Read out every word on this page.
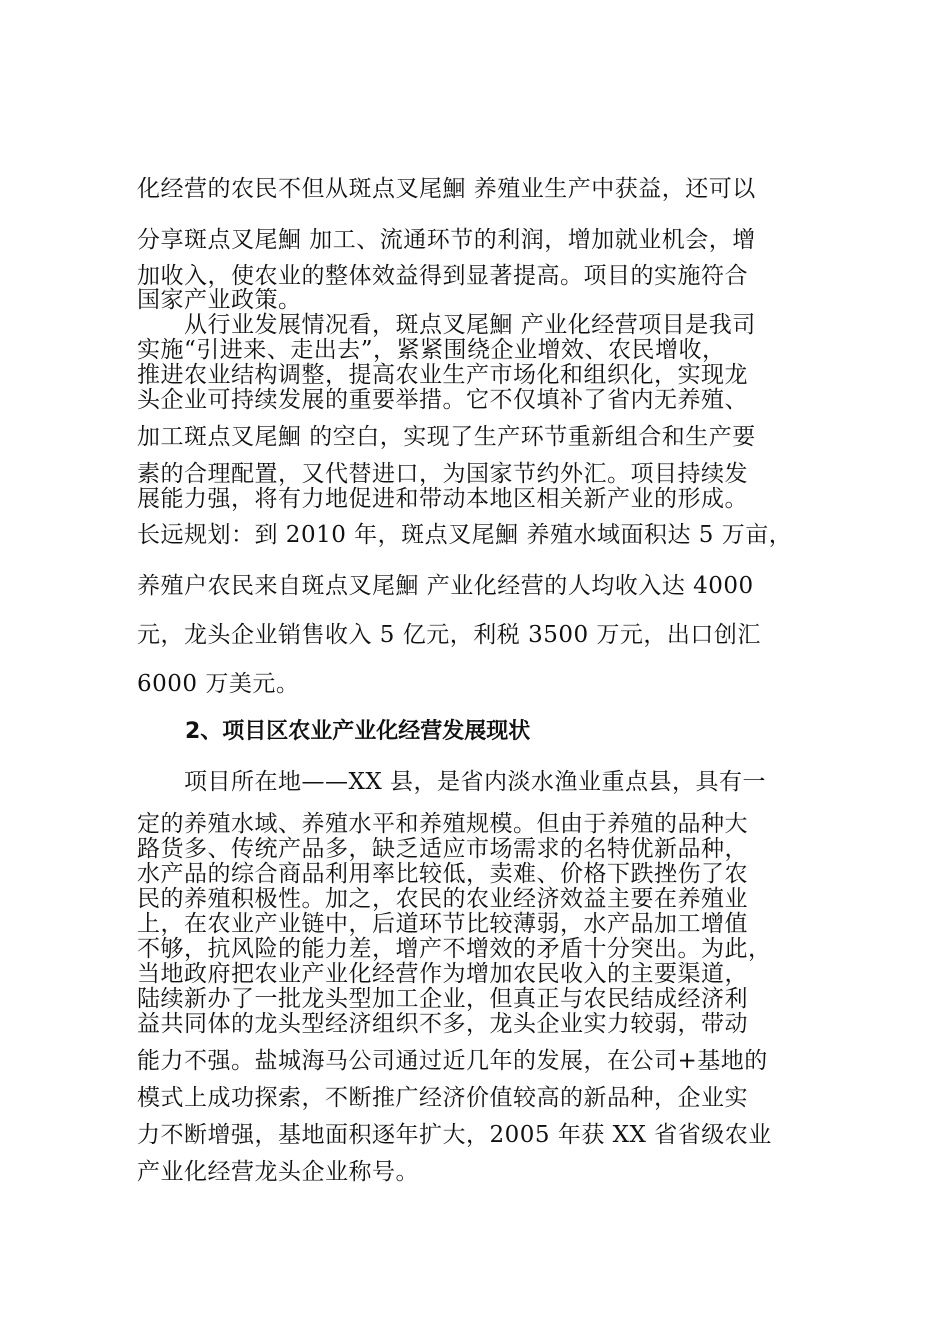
化经营的农民不但从斑点叉尾鮰 养殖业生产中获益，还可以
分享斑点叉尾鮰 加工、流通环节的利润，增加就业机会，增
加收入，使农业的整体效益得到显著提高。项目的实施符合
国家产业政策。
　　从行业发展情况看，斑点叉尾鮰 产业化经营项目是我司
实施“引进来、走出去”，紧紧围绕企业增效、农民增收，
推进农业结构调整，提高农业生产市场化和组织化，实现龙
头企业可持续发展的重要举措。它不仅填补了省内无养殖、
加工斑点叉尾鮰 的空白，实现了生产环节重新组合和生产要
素的合理配置，又代替进口，为国家节约外汇。项目持续发
展能力强，将有力地促进和带动本地区相关新产业的形成。
长远规划：到 2010 年，斑点叉尾鮰 养殖水域面积达 5 万亩，
养殖户农民来自斑点叉尾鮰 产业化经营的人均收入达 4000
元，龙头企业销售收入 5 亿元，利税 3500 万元，出口创汇
6000 万美元。
2、项目区农业产业化经营发展现状
　　项目所在地——XX 县，是省内淡水渔业重点县，具有一
定的养殖水域、养殖水平和养殖规模。但由于养殖的品种大
路货多、传统产品多，缺乏适应市场需求的名特优新品种，
水产品的综合商品利用率比较低，卖难、价格下跌挫伤了农
民的养殖积极性。加之，农民的农业经济效益主要在养殖业
上，在农业产业链中，后道环节比较薄弱，水产品加工增值
不够，抗风险的能力差，增产不增效的矛盾十分突出。为此，
当地政府把农业产业化经营作为增加农民收入的主要渠道，
陆续新办了一批龙头型加工企业，但真正与农民结成经济利
益共同体的龙头型经济组织不多，龙头企业实力较弱，带动
能力不强。盐城海马公司通过近几年的发展，在公司+基地的
模式上成功探索，不断推广经济价值较高的新品种，企业实
力不断增强，基地面积逐年扩大，2005 年获 XX 省省级农业
产业化经营龙头企业称号。
